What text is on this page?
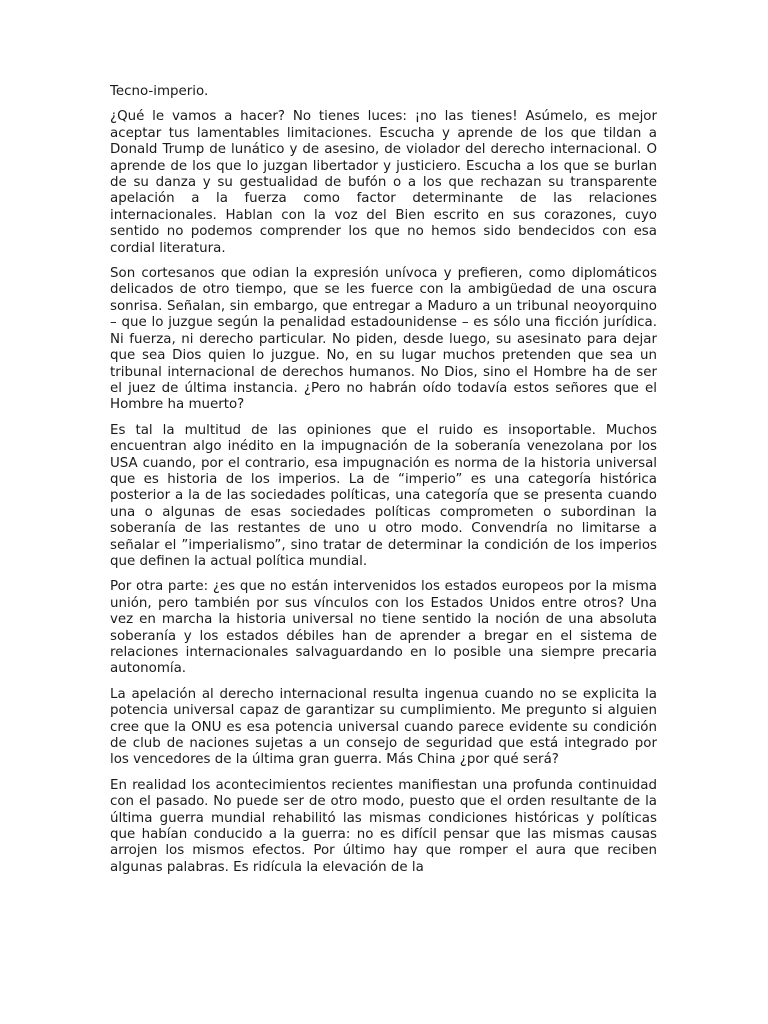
Tecno-imperio.

¿Qué le vamos a hacer? No tienes luces: ¡no las tienes! Asúmelo, es mejor aceptar tus lamentables limitaciones. Escucha y aprende de los que tildan a Donald Trump de lunático y de asesino, de violador del derecho internacional. O aprende de los que lo juzgan libertador y justiciero. Escucha a los que se burlan de su danza y su gestualidad de bufón o a los que rechazan su transparente apelación a la fuerza como factor determinante de las relaciones internacionales. Hablan con la voz del Bien escrito en sus corazones, cuyo sentido no podemos comprender los que no hemos sido bendecidos con esa cordial literatura.

Son cortesanos que odian la expresión unívoca y prefieren, como diplomáticos delicados de otro tiempo, que se les fuerce con la ambigüedad de una oscura sonrisa. Señalan, sin embargo, que entregar a Maduro a un tribunal neoyorquino – que lo juzgue según la penalidad estadounidense – es sólo una ficción jurídica. Ni fuerza, ni derecho particular. No piden, desde luego, su asesinato para dejar que sea Dios quien lo juzgue. No, en su lugar muchos pretenden que sea un tribunal internacional de derechos humanos. No Dios, sino el Hombre ha de ser el juez de última instancia. ¿Pero no habrán oído todavía estos señores que el Hombre ha muerto?

Es tal la multitud de las opiniones que el ruido es insoportable. Muchos encuentran algo inédito en la impugnación de la soberanía venezolana por los USA cuando, por el contrario, esa impugnación es norma de la historia universal que es historia de los imperios. La de “imperio” es una categoría histórica posterior a la de las sociedades políticas, una categoría que se presenta cuando una o algunas de esas sociedades políticas comprometen o subordinan la soberanía de las restantes de uno u otro modo. Convendría no limitarse a señalar el ”imperialismo”, sino tratar de determinar la condición de los imperios que definen la actual política mundial.

Por otra parte: ¿es que no están intervenidos los estados europeos por la misma unión, pero también por sus vínculos con los Estados Unidos entre otros? Una vez en marcha la historia universal no tiene sentido la noción de una absoluta soberanía y los estados débiles han de aprender a bregar en el sistema de relaciones internacionales salvaguardando en lo posible una siempre precaria autonomía.

La apelación al derecho internacional resulta ingenua cuando no se explicita la potencia universal capaz de garantizar su cumplimiento. Me pregunto si alguien cree que la ONU es esa potencia universal cuando parece evidente su condición de club de naciones sujetas a un consejo de seguridad que está integrado por los vencedores de la última gran guerra. Más China ¿por qué será?

En realidad los acontecimientos recientes manifiestan una profunda continuidad con el pasado. No puede ser de otro modo, puesto que el orden resultante de la última guerra mundial rehabilitó las mismas condiciones históricas y políticas que habían conducido a la guerra: no es difícil pensar que las mismas causas arrojen los mismos efectos. Por último hay que romper el aura que reciben algunas palabras. Es ridícula la elevación de la
